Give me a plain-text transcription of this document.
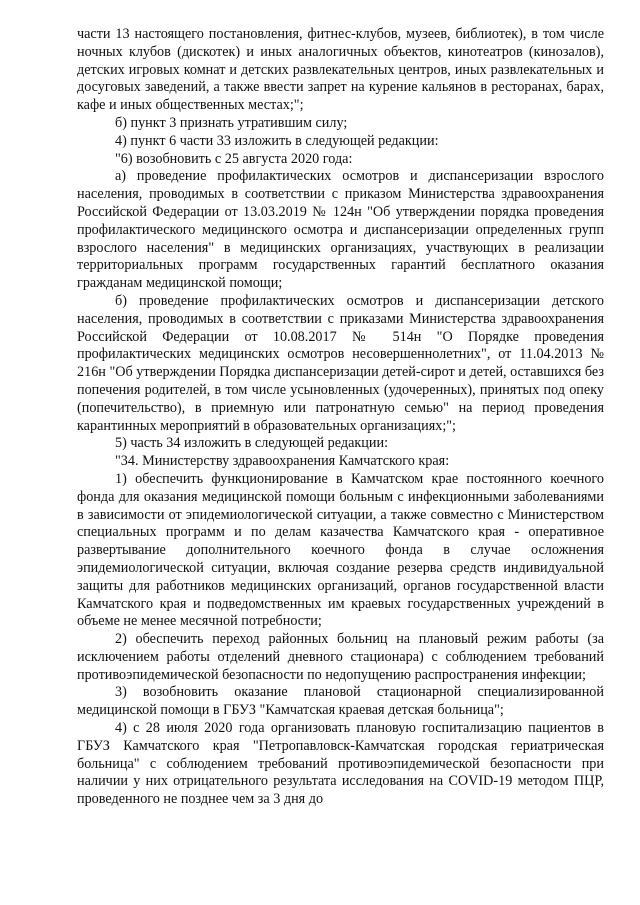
части 13 настоящего постановления, фитнес-клубов, музеев, библиотек), в том числе ночных клубов (дискотек) и иных аналогичных объектов, кинотеатров (кинозалов), детских игровых комнат и детских развлекательных центров, иных развлекательных и досуговых заведений, а также ввести запрет на курение кальянов в ресторанах, барах, кафе и иных общественных местах;";

б) пункт 3 признать утратившим силу;

4) пункт 6 части 33 изложить в следующей редакции:

"6) возобновить с 25 августа 2020 года:

а) проведение профилактических осмотров и диспансеризации взрослого населения, проводимых в соответствии с приказом Министерства здравоохранения Российской Федерации от 13.03.2019 № 124н "Об утверждении порядка проведения профилактического медицинского осмотра и диспансеризации определенных групп взрослого населения" в медицинских организациях, участвующих в реализации территориальных программ государственных гарантий бесплатного оказания гражданам медицинской помощи;

б) проведение профилактических осмотров и диспансеризации детского населения, проводимых в соответствии с приказами Министерства здравоохранения Российской Федерации от 10.08.2017 № 514н "О Порядке проведения профилактических медицинских осмотров несовершеннолетних", от 11.04.2013 № 216н "Об утверждении Порядка диспансеризации детей-сирот и детей, оставшихся без попечения родителей, в том числе усыновленных (удочеренных), принятых под опеку (попечительство), в приемную или патронатную семью" на период проведения карантинных мероприятий в образовательных организациях;";

5) часть 34 изложить в следующей редакции:

"34. Министерству здравоохранения Камчатского края:

1) обеспечить функционирование в Камчатском крае постоянного коечного фонда для оказания медицинской помощи больным с инфекционными заболеваниями в зависимости от эпидемиологической ситуации, а также совместно с Министерством специальных программ и по делам казачества Камчатского края - оперативное развертывание дополнительного коечного фонда в случае осложнения эпидемиологической ситуации, включая создание резерва средств индивидуальной защиты для работников медицинских организаций, органов государственной власти Камчатского края и подведомственных им краевых государственных учреждений в объеме не менее месячной потребности;

2) обеспечить переход районных больниц на плановый режим работы (за исключением работы отделений дневного стационара) с соблюдением требований противоэпидемической безопасности по недопущению распространения инфекции;

3) возобновить оказание плановой стационарной специализированной медицинской помощи в ГБУЗ "Камчатская краевая детская больница";

4) с 28 июля 2020 года организовать плановую госпитализацию пациентов в ГБУЗ Камчатского края "Петропавловск-Камчатская городская гериатрическая больница" с соблюдением требований противоэпидемической безопасности при наличии у них отрицательного результата исследования на COVID-19 методом ПЦР, проведенного не позднее чем за 3 дня до
